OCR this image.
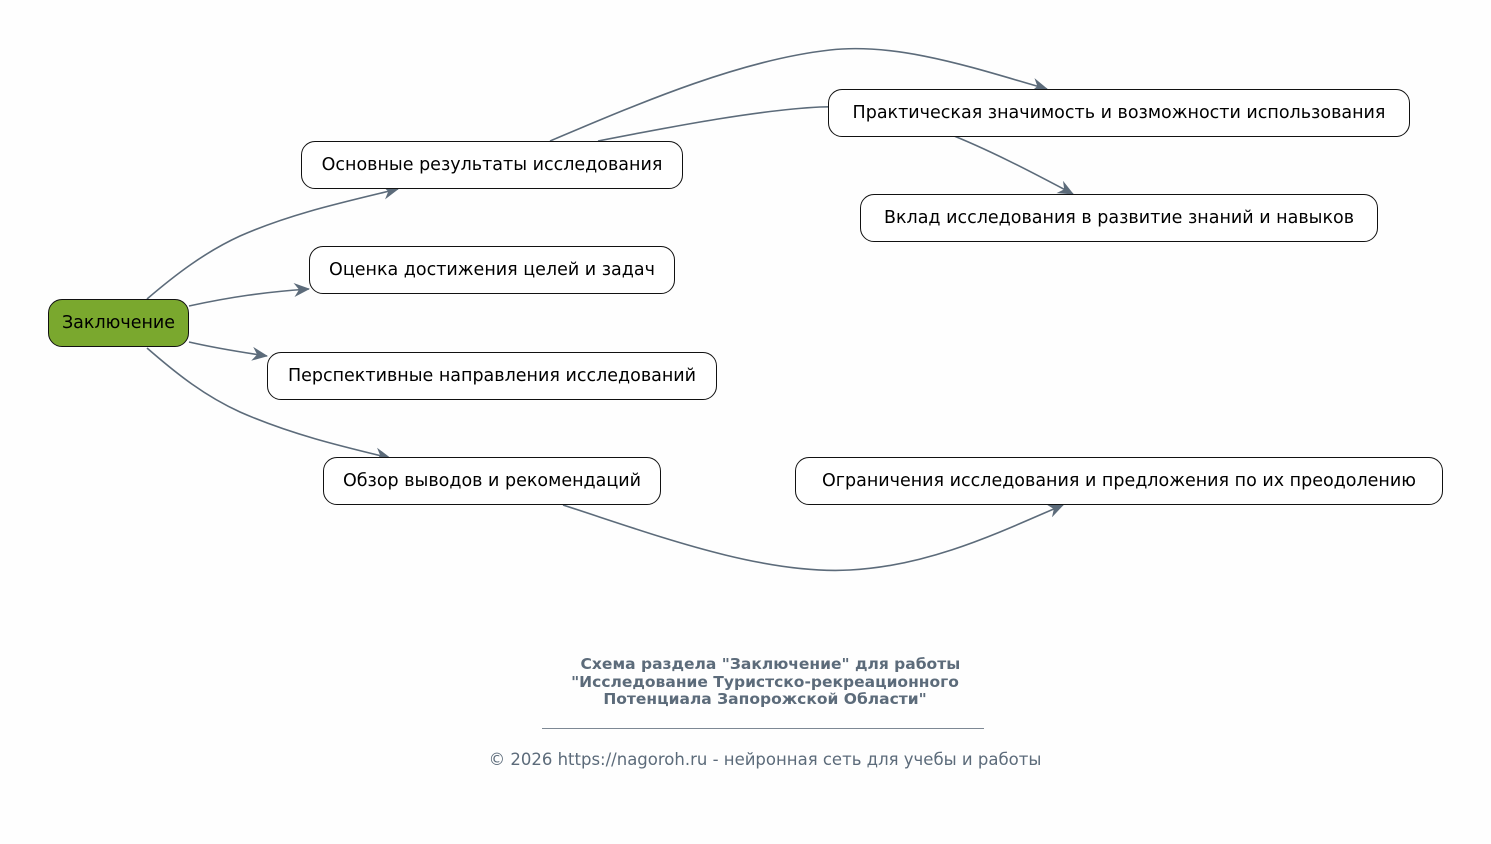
Заключение
Основные результаты исследования
Оценка достижения целей и задач
Перспективные направления исследований
Обзор выводов и рекомендаций
Практическая значимость и возможности использования
Вклад исследования в развитие знаний и навыков
Ограничения исследования и предложения по их преодолению
Схема раздела "Заключение" для работы
"Исследование Туристско-рекреационного
Потенциала Запорожской Области"
© 2026 https://nagoroh.ru - нейронная сеть для учебы и работы
